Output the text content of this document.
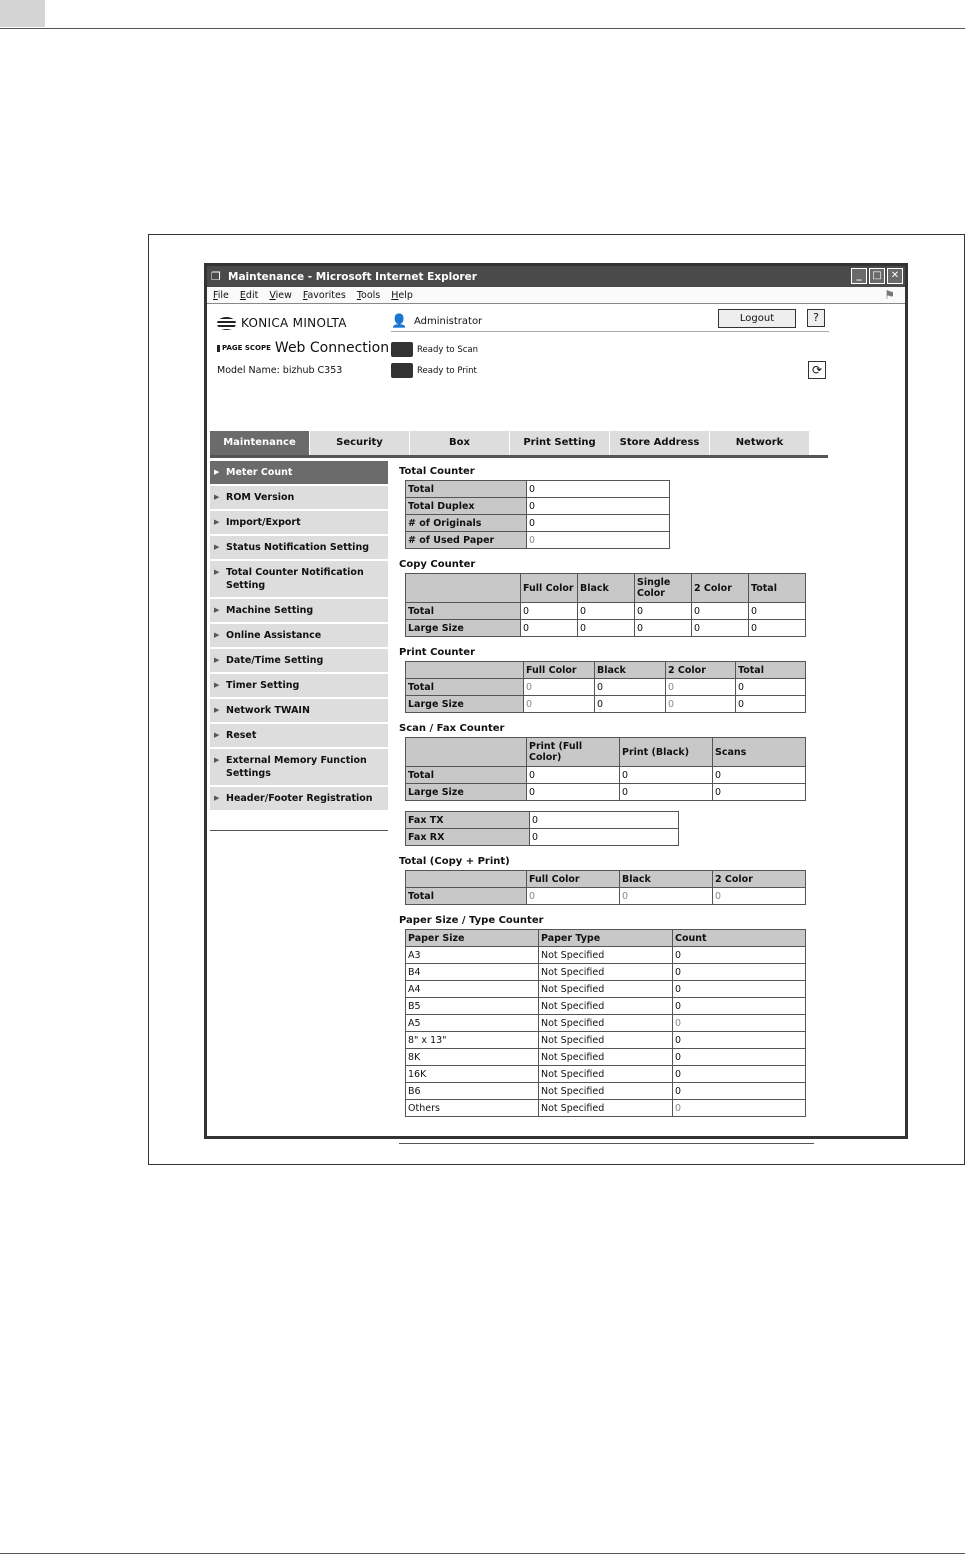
❐ Maintenance - Microsoft Internet Explorer	_	□ ✕
File Edit View Favorites Tools Help	⚑
KONICA MINOLTA
PAGE SCOPE Web Connection
Model Name: bizhub C353
👤 Administrator	Logout	?
Ready to Scan
Ready to Print	⟳
Maintenance	Security	Box	Print Setting	Store Address	Network
▶ Meter Count
▶ ROM Version
▶ Import/Export
▶ Status Notification Setting
▶ Total Counter Notification Setting
▶ Machine Setting
▶ Online Assistance
▶ Date/Time Setting
▶ Timer Setting
▶ Network TWAIN
▶ Reset
▶ External Memory Function Settings
▶ Header/Footer Registration
Total Counter
Total	0
Total Duplex	0
# of Originals	0
# of Used Paper	0
Copy Counter
	Full Color	Black	Single Color	2 Color	Total
Total	0	0	0	0	0
Large Size	0	0	0	0	0
Print Counter
	Full Color	Black	2 Color	Total
Total	0	0	0	0
Large Size	0	0	0	0
Scan / Fax Counter
	Print (Full Color)	Print (Black)	Scans
Total	0	0	0
Large Size	0	0	0
Fax TX	0
Fax RX	0
Total (Copy + Print)
	Full Color	Black	2 Color
Total	0	0	0
Paper Size / Type Counter
Paper Size	Paper Type	Count
A3	Not Specified	0
B4	Not Specified	0
A4	Not Specified	0
B5	Not Specified	0
A5	Not Specified	0
8" x 13"	Not Specified	0
8K	Not Specified	0
16K	Not Specified	0
B6	Not Specified	0
Others	Not Specified	0
